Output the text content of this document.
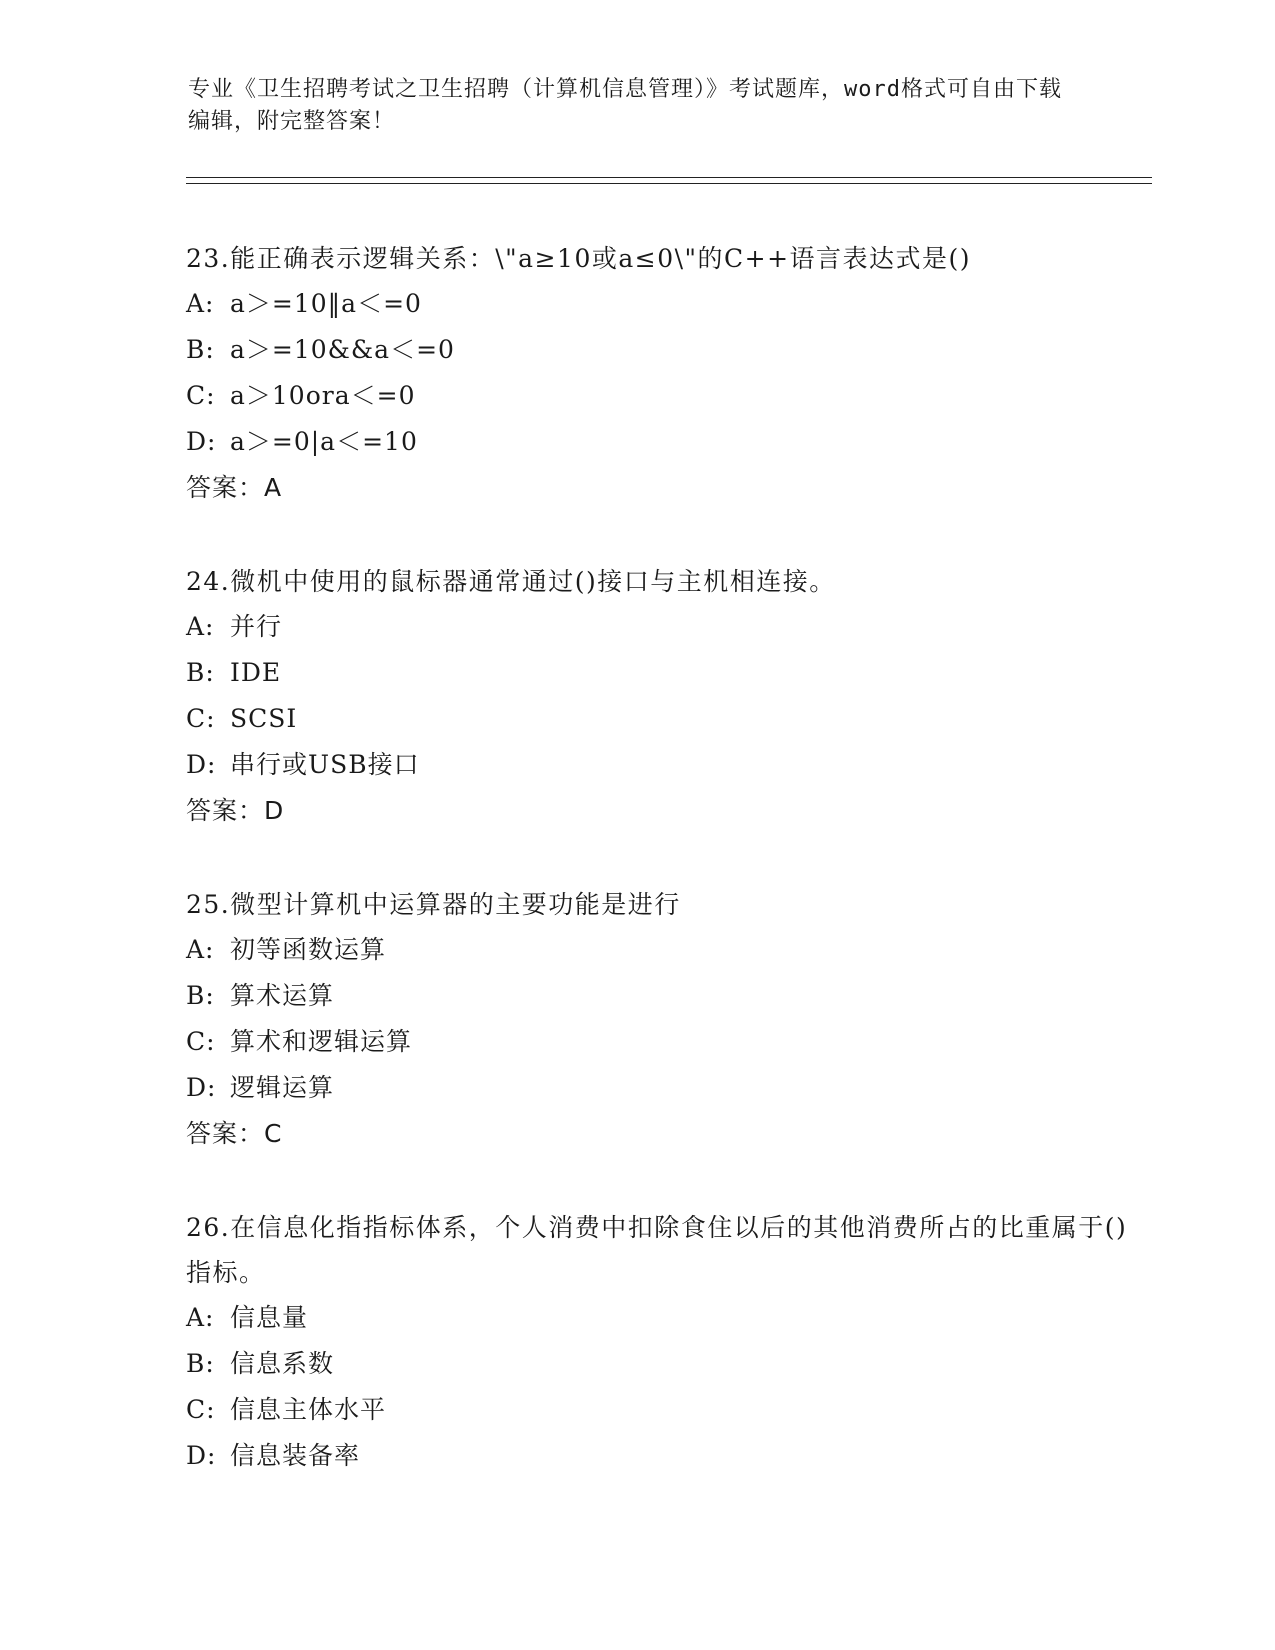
专业《卫生招聘考试之卫生招聘（计算机信息管理）》考试题库，word格式可自由下载编辑，附完整答案！
23.能正确表示逻辑关系：\"a≥10或a≤0\"的C++语言表达式是()
A: a＞=10‖a＜=0
B: a＞=10&&a＜=0
C: a＞10ora＜=0
D: a＞=0|a＜=10
答案：A
24.微机中使用的鼠标器通常通过()接口与主机相连接。
A: 并行
B: IDE
C: SCSI
D: 串行或USB接口
答案：D
25.微型计算机中运算器的主要功能是进行
A: 初等函数运算
B: 算术运算
C: 算术和逻辑运算
D: 逻辑运算
答案：C
26.在信息化指指标体系，个人消费中扣除食住以后的其他消费所占的比重属于()指标。
A: 信息量
B: 信息系数
C: 信息主体水平
D: 信息装备率
